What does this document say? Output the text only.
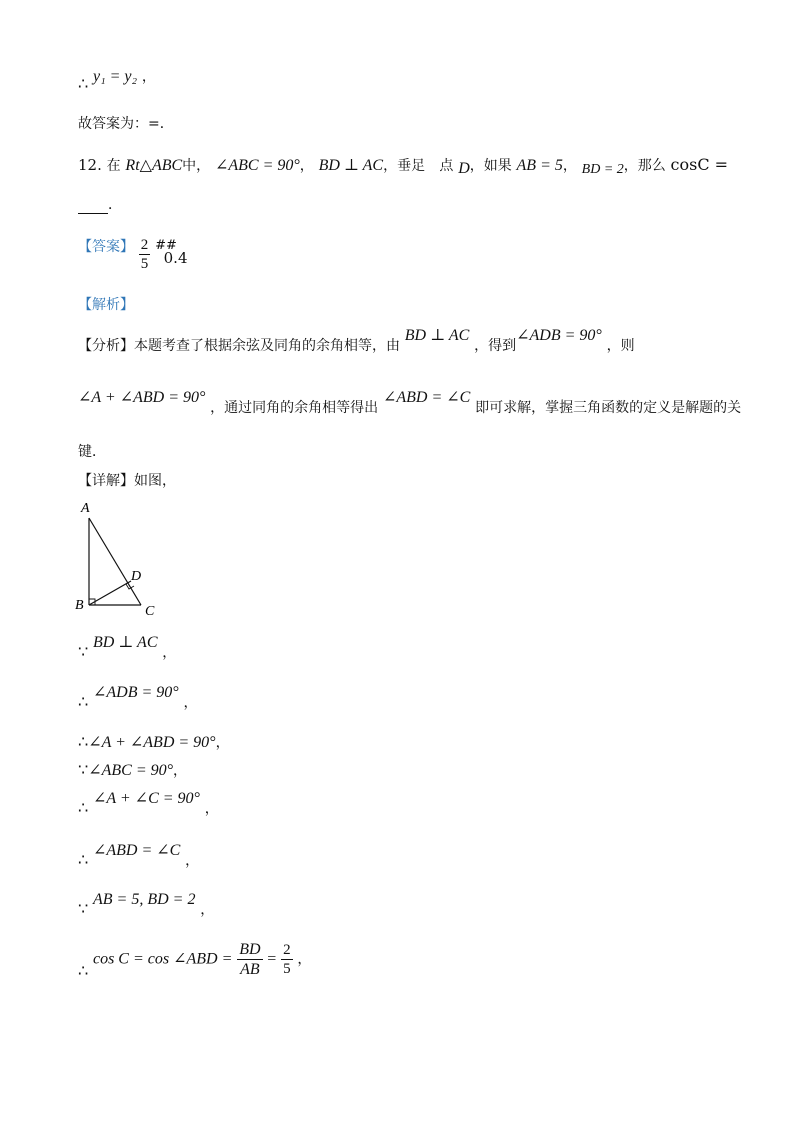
∴ y₁ = y₂ ，
故答案为：=．
12. 在 Rt△ABC中， ∠ABC = 90°， BD ⊥ AC，垂足 点 D，如果 AB = 5， BD = 2，那么 cosC =
．
【答案】 $\frac{2}{5}$ ## 0.4
【解析】
【分析】本题考查了根据余弦及同角的余角相等，由 BD ⊥ AC ，得到∠ADB = 90° ，则
∠A + ∠ABD = 90° ，通过同角的余角相等得出 ∠ABD = ∠C 即可求解，掌握三角函数的定义是解题的关
键．
【详解】如图，
A
B	C
D
∵ BD ⊥ AC ，
∴ ∠ADB = 90° ，
∴∠A + ∠ABD = 90°，
∵∠ABC = 90°，
∴ ∠A + ∠C = 90° ，
∴ ∠ABD = ∠C ，
∵ AB = 5, BD = 2 ，
∴ cos C = cos ∠ABD = $\frac{BD}{AB} = \frac{2}{5}$ ，
